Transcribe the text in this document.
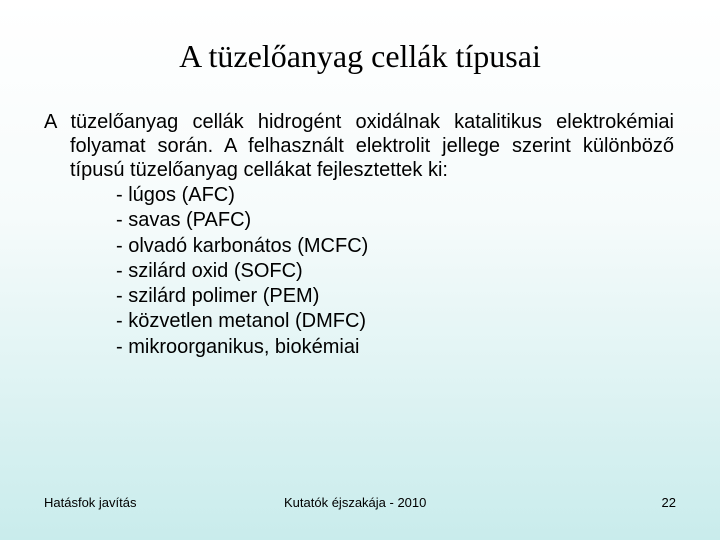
A tüzelőanyag cellák típusai

A tüzelőanyag cellák hidrogént oxidálnak katalitikus elektrokémiai folyamat során. A felhasznált elektrolit jellege szerint különböző típusú tüzelőanyag cellákat fejlesztettek ki:

- lúgos (AFC)
- savas (PAFC)
- olvadó karbonátos (MCFC)
- szilárd oxid (SOFC)
- szilárd polimer (PEM)
- közvetlen metanol (DMFC)
- mikroorganikus, biokémiai
Hatásfok javítás	Kutatók éjszakája - 2010	22
